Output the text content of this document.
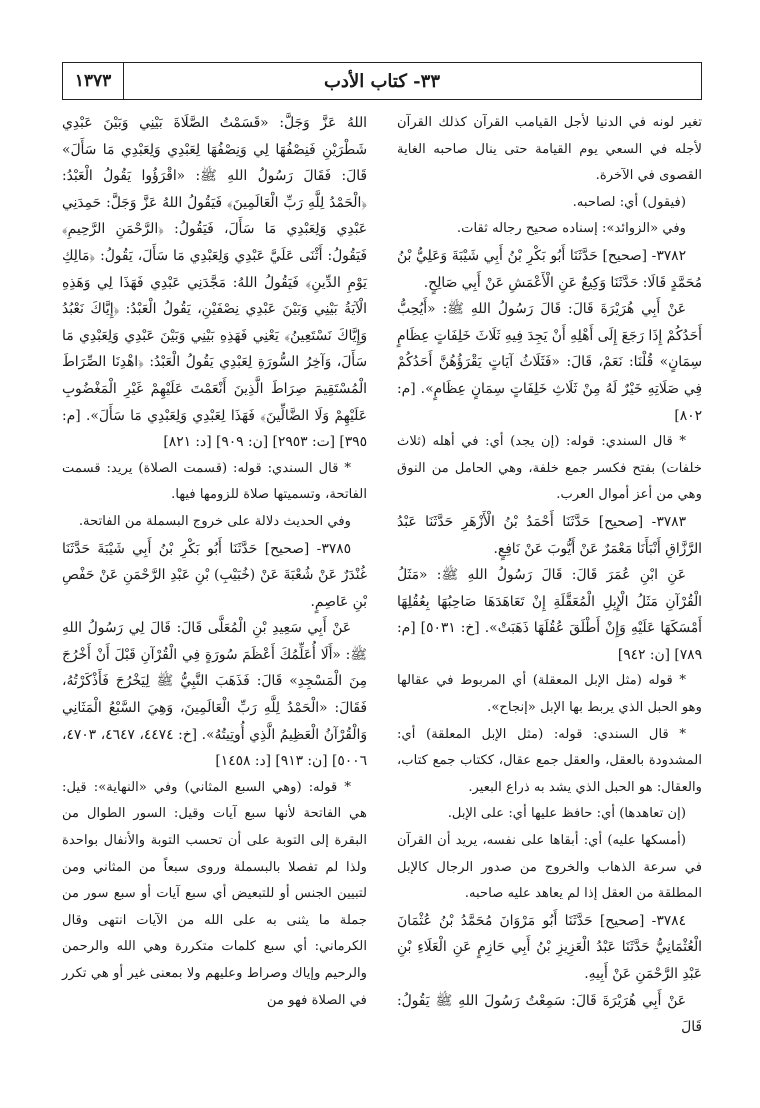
٣٣- كتاب الأدب
١٣٧٣

تغير لونه في الدنيا لأجل القيامب القرآن كذلك القرآن لأجله في السعي يوم القيامة حتى ينال صاحبه الغاية القصوى في الآخرة.

(فيقول) أي: لصاحبه.

وفي «الزوائد»: إسناده صحيح رجاله ثقات.

٣٧٨٢- [صحيح] حَدَّثَنَا أَبُو بَكْرِ بْنُ أَبِي شَيْبَةَ وَعَلِيُّ بْنُ مُحَمَّدٍ قَالَا: حَدَّثَنَا وَكِيعٌ عَنِ الْأَعْمَشِ عَنْ أَبِي صَالِحٍ.

عَنْ أَبِي هُرَيْرَةَ قَالَ: قَالَ رَسُولُ اللهِ ﷺ: «أَيُحِبُّ أَحَدُكُمْ إِذَا رَجَعَ إِلَى أَهْلِهِ أَنْ يَجِدَ فِيهِ ثَلَاثَ خَلِفَاتٍ عِظَامٍ سِمَانٍ» قُلْنَا: نَعَمْ، قَالَ: «فَثَلَاثُ آيَاتٍ يَقْرَؤُهُنَّ أَحَدُكُمْ فِي صَلَاتِهِ خَيْرٌ لَهُ مِنْ ثَلَاثِ خَلِفَاتٍ سِمَانٍ عِظَامٍ». [م: ٨٠٢]

* قال السندي: قوله: (إن يجد) أي: في أهله (ثلاث خلفات) بفتح فكسر جمع خلفة، وهي الحامل من النوق وهي من أعز أموال العرب.

٣٧٨٣- [صحيح] حَدَّثَنَا أَحْمَدُ بْنُ الْأَزْهَرِ حَدَّثَنَا عَبْدُ الرَّزَّاقِ أَنْبَأَنَا مَعْمَرٌ عَنْ أَيُّوبَ عَنْ نَافِعٍ.

عَنِ ابْنِ عُمَرَ قَالَ: قَالَ رَسُولُ اللهِ ﷺ: «مَثَلُ الْقُرْآنِ مَثَلُ الْإِبِلِ الْمُعَقَّلَةِ إِنْ تَعَاهَدَهَا صَاحِبُهَا بِعُقُلِهَا أَمْسَكَهَا عَلَيْهِ وَإِنْ أَطْلَقَ عُقُلَهَا ذَهَبَتْ». [خ: ٥٠٣١] [م: ٧٨٩] [ن: ٩٤٢]

* قوله (مثل الإبل المعقلة) أي المربوط في عقالها وهو الحبل الذي يربط بها الإبل «إنجاح».

* قال السندي: قوله: (مثل الإبل المعلقة) أي: المشدودة بالعقل، والعقل جمع عقال، ككتاب جمع كتاب، والعقال: هو الحبل الذي يشد به ذراع البعير.

(إن تعاهدها) أي: حافظ عليها أي: على الإبل.

(أمسكها عليه) أي: أبقاها على نفسه، يريد أن القرآن في سرعة الذهاب والخروج من صدور الرجال كالإبل المطلقة من العقل إذا لم يعاهد عليه صاحبه.

٣٧٨٤- [صحيح] حَدَّثَنَا أَبُو مَرْوَانَ مُحَمَّدُ بْنُ عُثْمَانَ الْعُثْمَانِيُّ حَدَّثَنَا عَبْدُ الْعَزِيزِ بْنُ أَبِي حَازِمٍ عَنِ الْعَلَاءِ بْنِ عَبْدِ الرَّحْمَنِ عَنْ أَبِيهِ.

عَنْ أَبِي هُرَيْرَةَ قَالَ: سَمِعْتُ رَسُولَ اللهِ ﷺ يَقُولُ: قَالَ

اللهُ عَزَّ وَجَلَّ: «قَسَمْتُ الصَّلَاةَ بَيْنِي وَبَيْنَ عَبْدِي شَطْرَيْنِ فَنِصْفُهَا لِي وَنِصْفُهَا لِعَبْدِي وَلِعَبْدِي مَا سَأَلَ» قَالَ: فَقَالَ رَسُولُ اللهِ ﷺ: «اقْرَؤُوا يَقُولُ الْعَبْدُ: ﴿الْحَمْدُ لِلَّهِ رَبِّ الْعَالَمِينَ﴾ فَيَقُولُ اللهُ عَزَّ وَجَلَّ: حَمِدَنِي عَبْدِي وَلِعَبْدِي مَا سَأَلَ، فَيَقُولُ: ﴿الرَّحْمَنِ الرَّحِيمِ﴾ فَيَقُولُ: أَثْنَى عَلَيَّ عَبْدِي وَلِعَبْدِي مَا سَأَلَ، يَقُولُ: ﴿مَالِكِ يَوْمِ الدِّينِ﴾ فَيَقُولُ اللهُ: مَجَّدَنِي عَبْدِي فَهَذَا لِي وَهَذِهِ الْآيَةُ بَيْنِي وَبَيْنَ عَبْدِي نِصْفَيْنِ، يَقُولُ الْعَبْدُ: ﴿إِيَّاكَ نَعْبُدُ وَإِيَّاكَ نَسْتَعِينُ﴾ يَعْنِي فَهَذِهِ بَيْنِي وَبَيْنَ عَبْدِي وَلِعَبْدِي مَا سَأَلَ، وَآخِرُ السُّورَةِ لِعَبْدِي يَقُولُ الْعَبْدُ: ﴿اهْدِنَا الصِّرَاطَ الْمُسْتَقِيمَ صِرَاطَ الَّذِينَ أَنْعَمْتَ عَلَيْهِمْ غَيْرِ الْمَغْضُوبِ عَلَيْهِمْ وَلَا الضَّالِّينَ﴾ فَهَذَا لِعَبْدِي وَلِعَبْدِي مَا سَأَلَ». [م: ٣٩٥] [ت: ٢٩٥٣] [ن: ٩٠٩] [د: ٨٢١]

* قال السندي: قوله: (قسمت الصلاة) يريد: قسمت الفاتحة، وتسميتها صلاة للزومها فيها.

وفي الحديث دلالة على خروج البسملة من الفاتحة.

٣٧٨٥- [صحيح] حَدَّثَنَا أَبُو بَكْرِ بْنُ أَبِي شَيْبَةَ حَدَّثَنَا غُنْدَرٌ عَنْ شُعْبَةَ عَنْ (خُبَيْبِ) بْنِ عَبْدِ الرَّحْمَنِ عَنْ حَفْصِ بْنِ عَاصِمٍ.

عَنْ أَبِي سَعِيدِ بْنِ الْمُعَلَّى قَالَ: قَالَ لِي رَسُولُ اللهِ ﷺ: «أَلَا أُعَلِّمُكَ أَعْظَمَ سُورَةٍ فِي الْقُرْآنِ قَبْلَ أَنْ أَخْرُجَ مِنَ الْمَسْجِدِ» قَالَ: فَذَهَبَ النَّبِيُّ ﷺ لِيَخْرُجَ فَأَذْكَرْتُهُ، فَقَالَ: «الْحَمْدُ لِلَّهِ رَبِّ الْعَالَمِينَ، وَهِيَ السَّبْعُ الْمَثَانِي وَالْقُرْآنُ الْعَظِيمُ الَّذِي أُوتِيتُهُ». [خ: ٤٤٧٤، ٤٦٤٧، ٤٧٠٣، ٥٠٠٦] [ن: ٩١٣] [د: ١٤٥٨]

* قوله: (وهي السبع المثاني) وفي «النهاية»: قيل: هي الفاتحة لأنها سبع آيات وقيل: السور الطوال من البقرة إلى التوبة على أن تحسب التوبة والأنفال بواحدة ولذا لم تفصلا بالبسملة وروى سبعاً من المثاني ومن لتبيين الجنس أو للتبعيض أي سبع آيات أو سبع سور من جملة ما يثنى به على الله من الآيات انتهى وقال الكرماني: أي سبع كلمات متكررة وهي الله والرحمن والرحيم وإياك وصراط وعليهم ولا بمعنى غير أو هي تكرر في الصلاة فهو من
